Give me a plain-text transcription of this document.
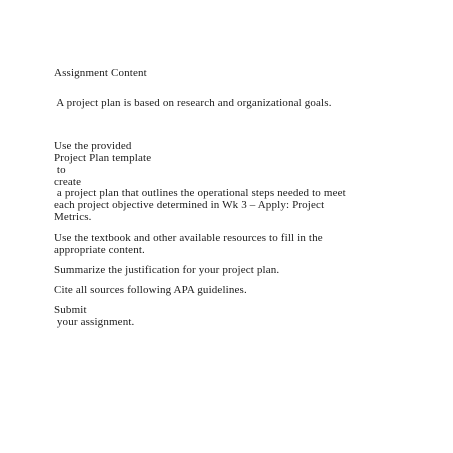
Assignment Content
A project plan is based on research and organizational goals.
Use the provided
Project Plan template
to
create
a project plan that outlines the operational steps needed to meet
each project objective determined in Wk 3 – Apply: Project
Metrics.
Use the textbook and other available resources to fill in the
appropriate content.
Summarize the justification for your project plan.
Cite all sources following APA guidelines.
Submit
your assignment.
